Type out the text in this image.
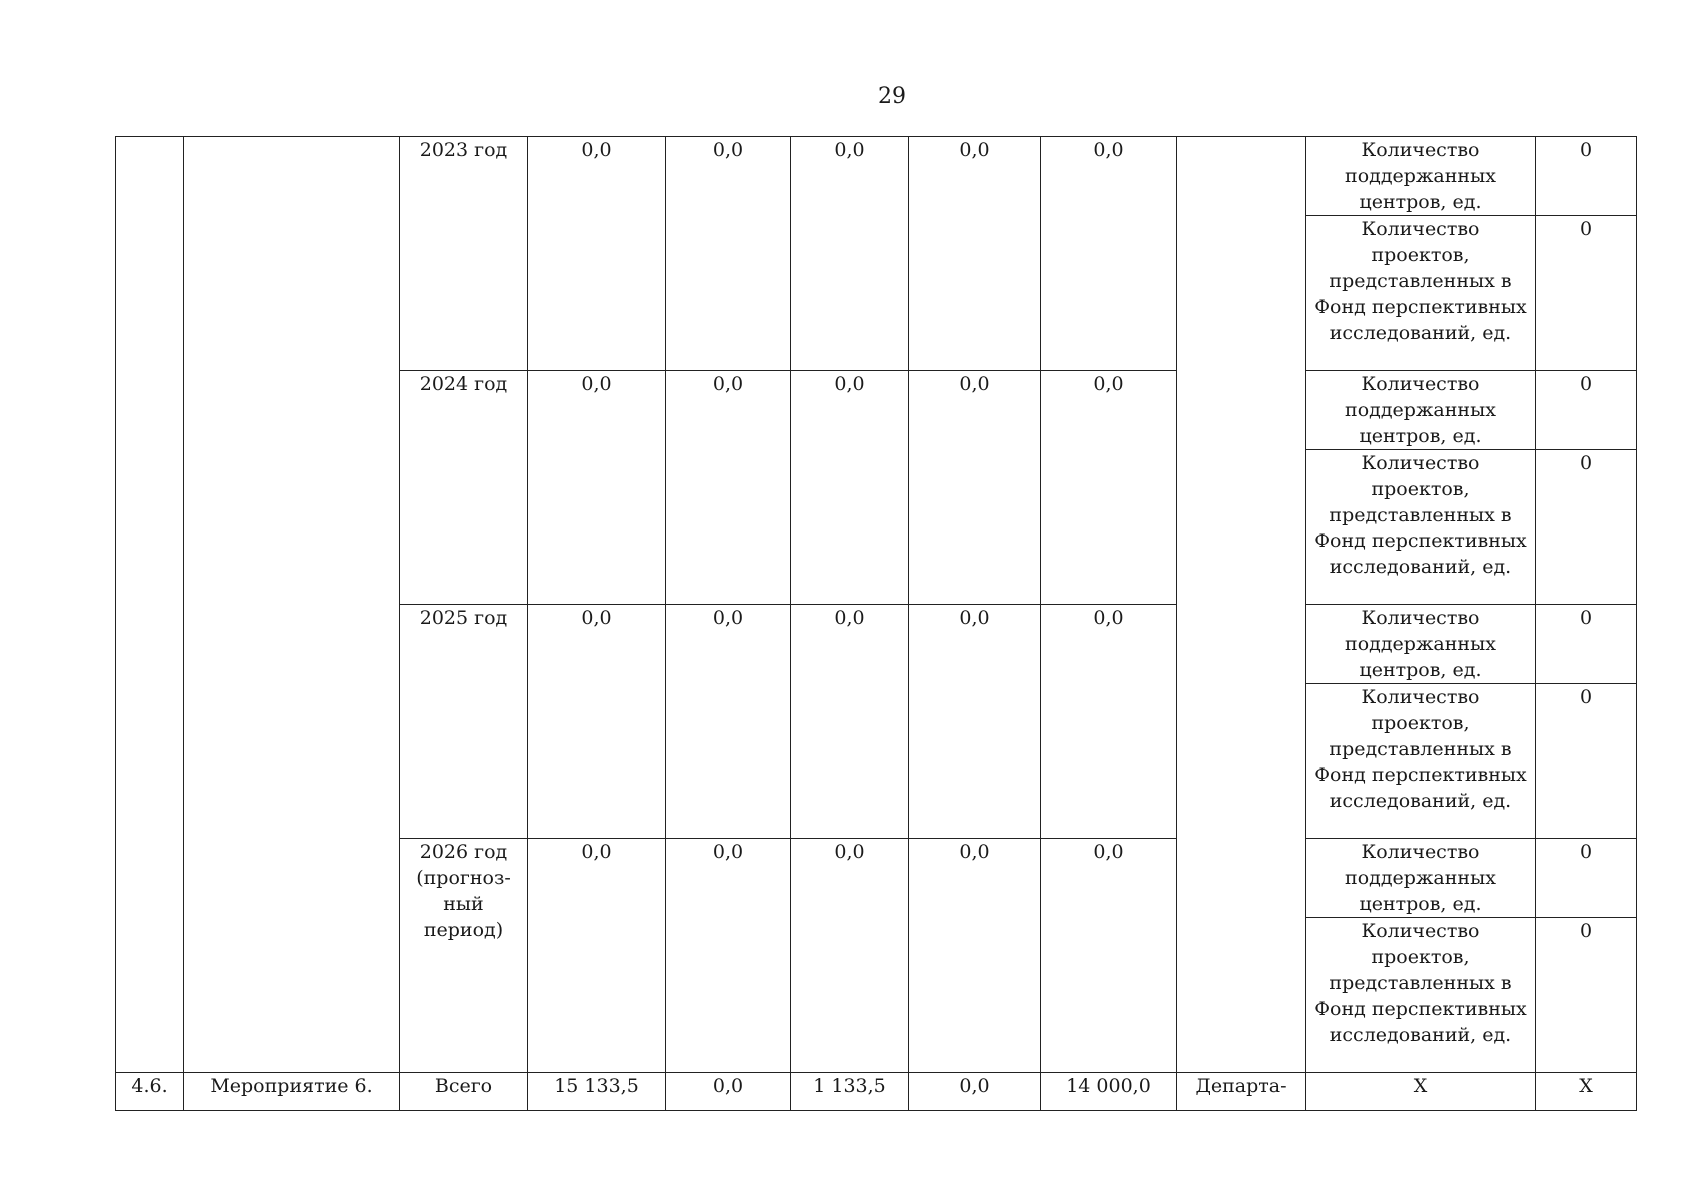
29
		2023 год	0,0	0,0	0,0	0,0	0,0		Количество поддержанных центров, ед.	0
									Количество проектов, представленных в Фонд перспективных исследований, ед.	0
		2024 год	0,0	0,0	0,0	0,0	0,0		Количество поддержанных центров, ед.	0
									Количество проектов, представленных в Фонд перспективных исследований, ед.	0
		2025 год	0,0	0,0	0,0	0,0	0,0		Количество поддержанных центров, ед.	0
									Количество проектов, представленных в Фонд перспективных исследований, ед.	0
		2026 год (прогноз-ный период)	0,0	0,0	0,0	0,0	0,0		Количество поддержанных центров, ед.	0
									Количество проектов, представленных в Фонд перспективных исследований, ед.	0
4.6.	Мероприятие 6.	Всего	15 133,5	0,0	1 133,5	0,0	14 000,0	Департа-	Х	Х
